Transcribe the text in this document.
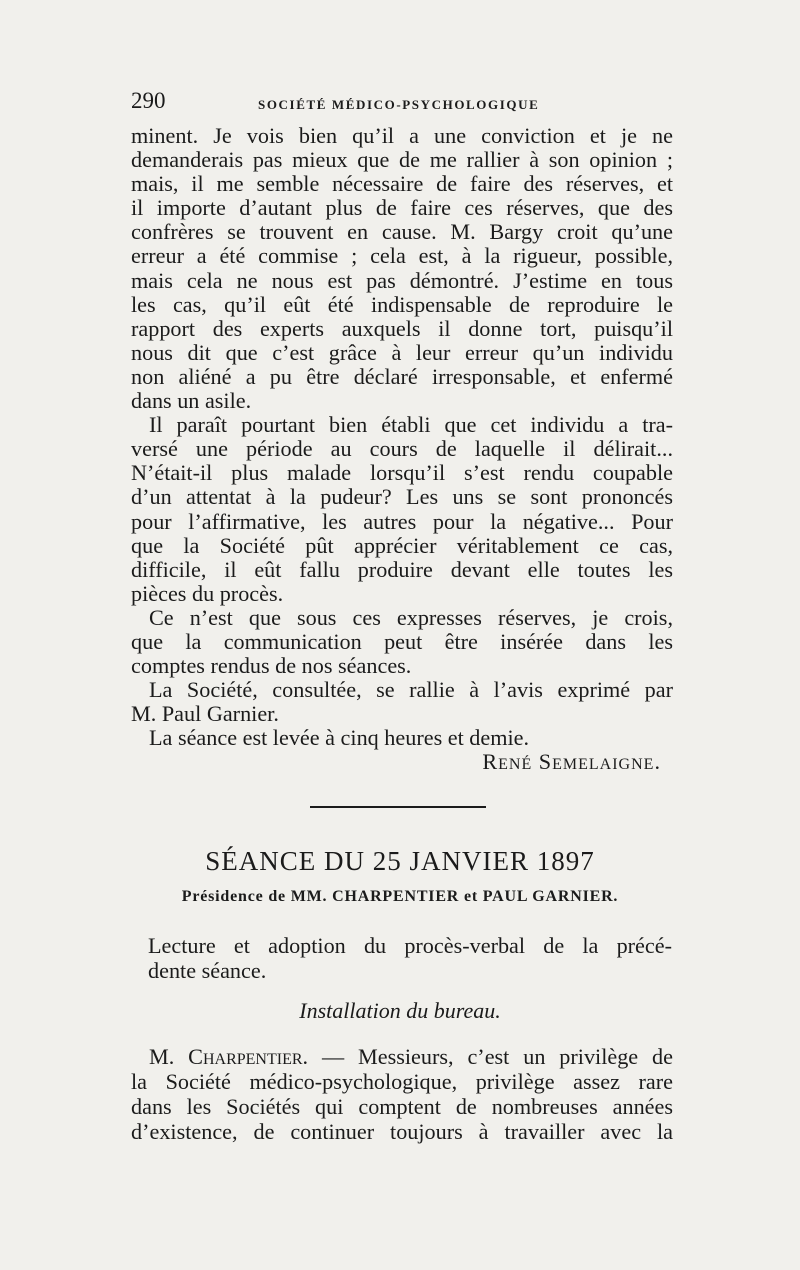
290	SOCIÉTÉ MÉDICO-PSYCHOLOGIQUE
minent. Je vois bien qu’il a une conviction et je ne
demanderais pas mieux que de me rallier à son opinion ;
mais, il me semble nécessaire de faire des réserves, et
il importe d’autant plus de faire ces réserves, que des
confrères se trouvent en cause. M. Bargy croit qu’une
erreur a été commise ; cela est, à la rigueur, possible,
mais cela ne nous est pas démontré. J’estime en tous
les cas, qu’il eût été indispensable de reproduire le
rapport des experts auxquels il donne tort, puisqu’il
nous dit que c’est grâce à leur erreur qu’un individu
non aliéné a pu être déclaré irresponsable, et enfermé
dans un asile.
Il paraît pourtant bien établi que cet individu a tra-
versé une période au cours de laquelle il délirait...
N’était-il plus malade lorsqu’il s’est rendu coupable
d’un attentat à la pudeur? Les uns se sont prononcés
pour l’affirmative, les autres pour la négative... Pour
que la Société pût apprécier véritablement ce cas,
difficile, il eût fallu produire devant elle toutes les
pièces du procès.
Ce n’est que sous ces expresses réserves, je crois,
que la communication peut être insérée dans les
comptes rendus de nos séances.
La Société, consultée, se rallie à l’avis exprimé par
M. Paul Garnier.
La séance est levée à cinq heures et demie.
René Semelaigne.
SÉANCE DU 25 JANVIER 1897
Présidence de MM. CHARPENTIER et PAUL GARNIER.
Lecture et adoption du procès-verbal de la précé-
dente séance.
Installation du bureau.
M. Charpentier. — Messieurs, c’est un privilège de
la Société médico-psychologique, privilège assez rare
dans les Sociétés qui comptent de nombreuses années
d’existence, de continuer toujours à travailler avec la
